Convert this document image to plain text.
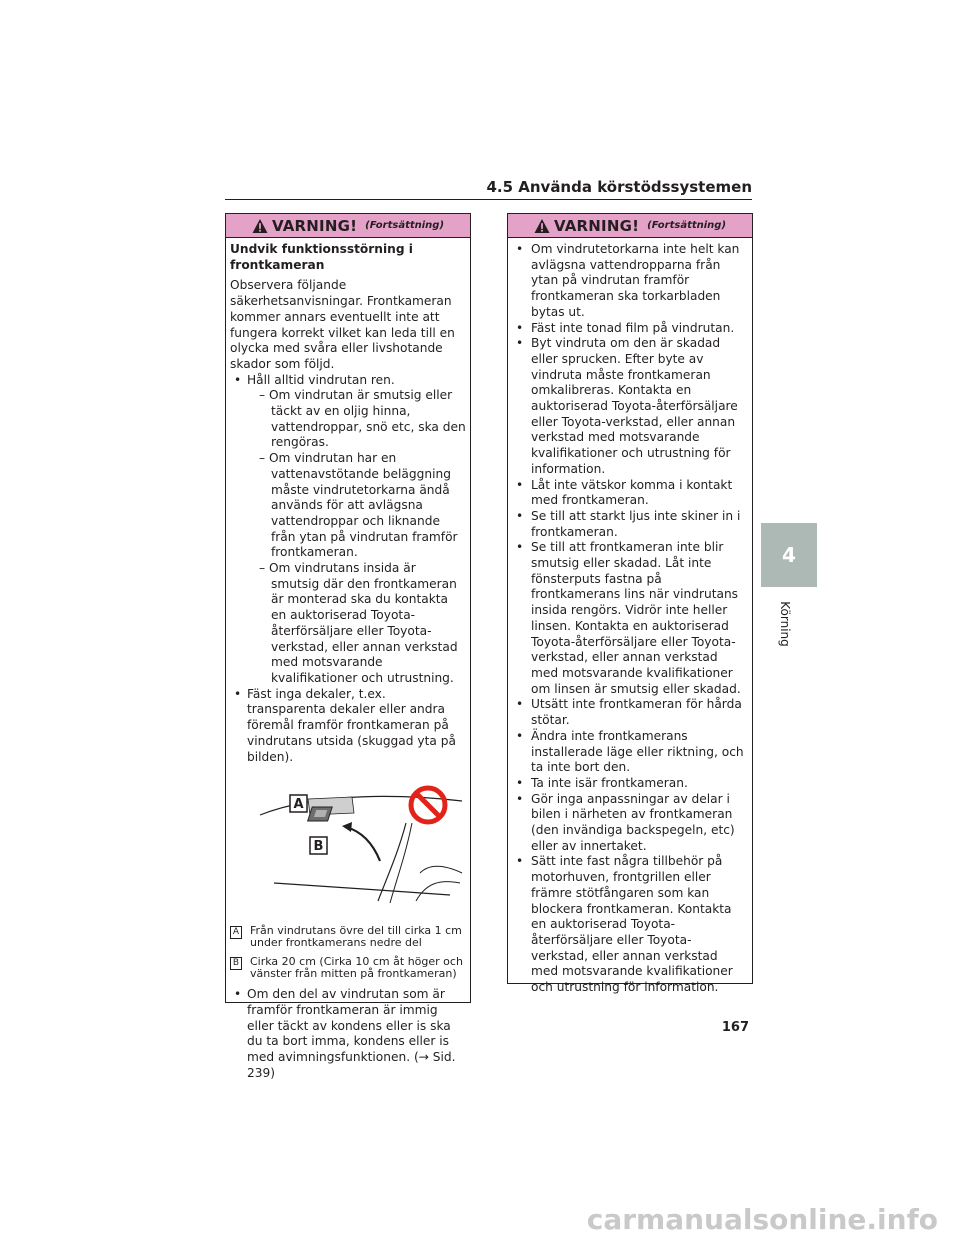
4.5 Använda körstödssystemen
VARNING! (Fortsättning)

Undvik funktionsstörning i frontkameran

Observera följande säkerhetsanvisningar. Frontkameran kommer annars eventuellt inte att fungera korrekt vilket kan leda till en olycka med svåra eller livshotande skador som följd.

• Håll alltid vindrutan ren.
– Om vindrutan är smutsig eller täckt av en oljig hinna, vattendroppar, snö etc, ska den rengöras.
– Om vindrutan har en vattenavstötande beläggning måste vindrutetorkarna ändå används för att avlägsna vattendroppar och liknande från ytan på vindrutan framför frontkameran.
– Om vindrutans insida är smutsig där den frontkameran är monterad ska du kontakta en auktoriserad Toyota-återförsäljare eller Toyota-verkstad, eller annan verkstad med motsvarande kvalifikationer och utrustning.
• Fäst inga dekaler, t.ex. transparenta dekaler eller andra föremål framför frontkameran på vindrutans utsida (skuggad yta på bilden).
A
B
A Från vindrutans övre del till cirka 1 cm under frontkamerans nedre del
B Cirka 20 cm (Cirka 10 cm åt höger och vänster från mitten på frontkameran)
• Om den del av vindrutan som är framför frontkameran är immig eller täckt av kondens eller is ska du ta bort imma, kondens eller is med avimningsfunktionen. (→ Sid. 239)
VARNING! (Fortsättning)
• Om vindrutetorkarna inte helt kan avlägsna vattendropparna från ytan på vindrutan framför frontkameran ska torkarbladen bytas ut.
• Fäst inte tonad film på vindrutan.
• Byt vindruta om den är skadad eller sprucken. Efter byte av vindruta måste frontkameran omkalibreras. Kontakta en auktoriserad Toyota-återförsäljare eller Toyota-verkstad, eller annan verkstad med motsvarande kvalifikationer och utrustning för information.
• Låt inte vätskor komma i kontakt med frontkameran.
• Se till att starkt ljus inte skiner in i frontkameran.
• Se till att frontkameran inte blir smutsig eller skadad. Låt inte fönsterputs fastna på frontkamerans lins när vindrutans insida rengörs. Vidrör inte heller linsen. Kontakta en auktoriserad Toyota-återförsäljare eller Toyota-verkstad, eller annan verkstad med motsvarande kvalifikationer om linsen är smutsig eller skadad.
• Utsätt inte frontkameran för hårda stötar.
• Ändra inte frontkamerans installerade läge eller riktning, och ta inte bort den.
• Ta inte isär frontkameran.
• Gör inga anpassningar av delar i bilen i närheten av frontkameran (den invändiga backspegeln, etc) eller av innertaket.
• Sätt inte fast några tillbehör på motorhuven, frontgrillen eller främre stötfångaren som kan blockera frontkameran. Kontakta en auktoriserad Toyota-återförsäljare eller Toyota-verkstad, eller annan verkstad med motsvarande kvalifikationer och utrustning för information.
4
Körning
167
carmanualsonline.info
